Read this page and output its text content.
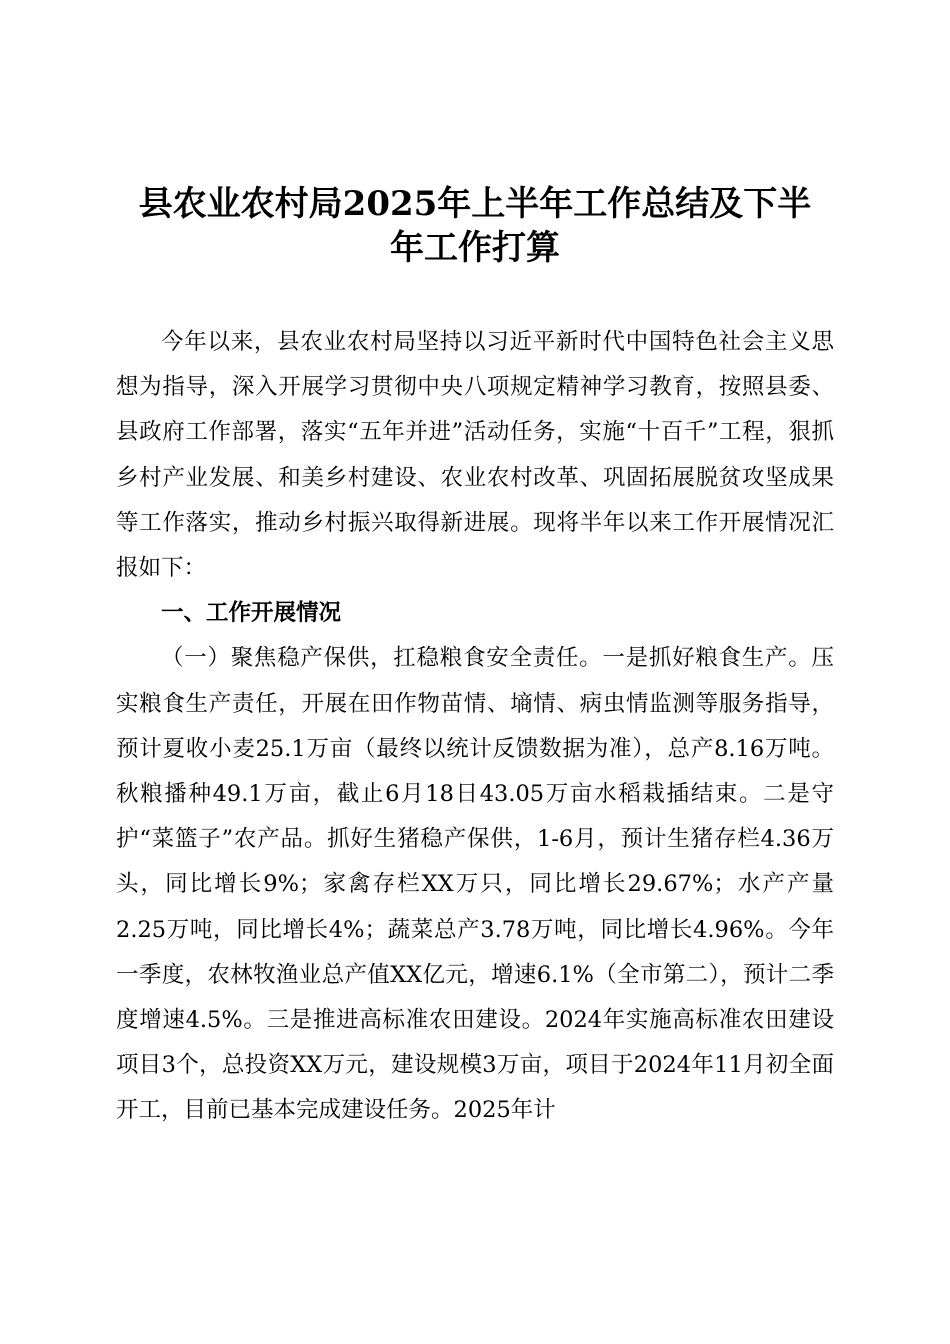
县农业农村局2025年上半年工作总结及下半
年工作打算

今年以来，县农业农村局坚持以习近平新时代中国特色社会主义思想为指导，深入开展学习贯彻中央八项规定精神学习教育，按照县委、县政府工作部署，落实“五年并进”活动任务，实施“十百千”工程，狠抓乡村产业发展、和美乡村建设、农业农村改革、巩固拓展脱贫攻坚成果等工作落实，推动乡村振兴取得新进展。现将半年以来工作开展情况汇报如下：

一、工作开展情况

（一）聚焦稳产保供，扛稳粮食安全责任。一是抓好粮食生产。压实粮食生产责任，开展在田作物苗情、墒情、病虫情监测等服务指导，预计夏收小麦25.1万亩（最终以统计反馈数据为准），总产8.16万吨。秋粮播种49.1万亩，截止6月18日43.05万亩水稻栽插结束。二是守护“菜篮子”农产品。抓好生猪稳产保供，1-6月，预计生猪存栏4.36万头，同比增长9%；家禽存栏XX万只，同比增长29.67%；水产产量2.25万吨，同比增长4%；蔬菜总产3.78万吨，同比增长4.96%。今年一季度，农林牧渔业总产值XX亿元，增速6.1%（全市第二），预计二季度增速4.5%。三是推进高标准农田建设。2024年实施高标准农田建设项目3个，总投资XX万元，建设规模3万亩，项目于2024年11月初全面开工，目前已基本完成建设任务。2025年计
